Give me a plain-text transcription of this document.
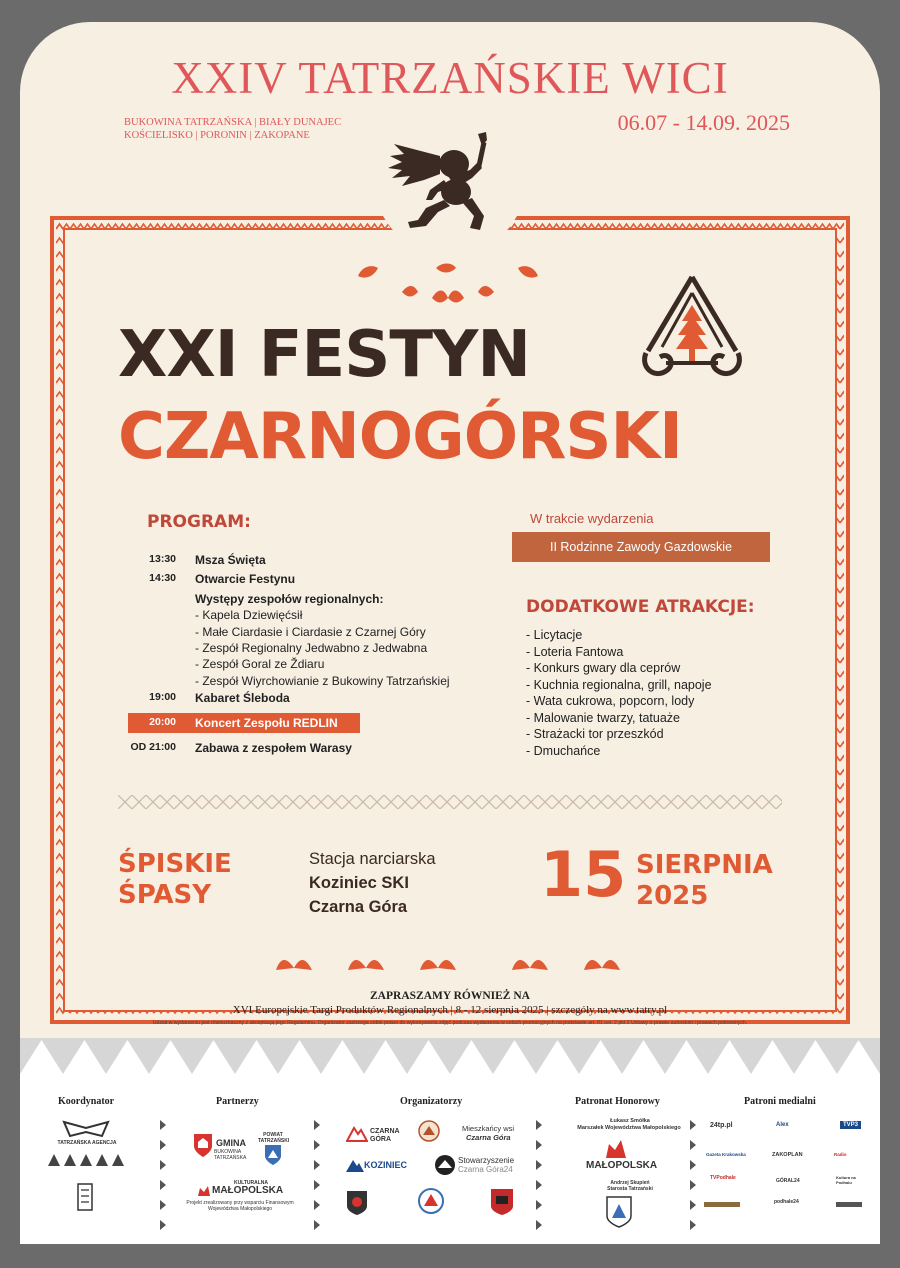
XXIV TATRZAŃSKIE WICI
BUKOWINA TATRZAŃSKA | BIAŁY DUNAJEC
KOŚCIELISKO | PORONIN | ZAKOPANE
06.07 - 14.09. 2025
XXI FESTYN
CZARNOGÓRSKI
PROGRAM:
13:30 Msza Święta
14:30 Otwarcie Festynu
Występy zespołów regionalnych:
- Kapela Dziewięćsił
- Małe Ciardasie i Ciardasie z Czarnej Góry
- Zespół Regionalny Jedwabno z Jedwabna
- Zespół Goral ze Ždiaru
- Zespół Wiyrchowianie z Bukowiny Tatrzańskiej
19:00 Kabaret Śleboda
20:00 Koncert Zespołu REDLIN
OD 21:00 Zabawa z zespołem Warasy
W trakcie wydarzenia
II Rodzinne Zawody Gazdowskie
DODATKOWE ATRAKCJE:
- Licytacje
- Loteria Fantowa
- Konkurs gwary dla ceprów
- Kuchnia regionalna, grill, napoje
- Wata cukrowa, popcorn, lody
- Malowanie twarzy, tatuaże
- Strażacki tor przeszkód
- Dmuchańce
ŚPISKIE
ŚPASY
Stacja narciarska
Koziniec SKI
Czarna Góra	15 SIERPNIA
2025
ZAPRASZAMY RÓWNIEŻ NA
XVI Europejskie Targi Produktów Regionalnych | 8 - 12 sierpnia 2025 | szczegóły na www.tatry.pl
Udział w wydarzeniu jest równoznaczny z akceptacją jego Regulaminu. Organizator zastrzega sobie prawo do wykonywania zdjęć podczas wydarzenia w celach promocyjnych na podstawie art. 81 ust. 2 pkt 2 Ustawy o prawie autorskim i prawach pokrewnych.
Koordynator	Partnerzy	Organizatorzy	Patronat Honorowy	Patroni medialni
TATRZAŃSKA AGENCJA	GMINA
BUKOWINA TATRZAŃSKA
POWIAT TATRZAŃSKI
KULTURALNA
MAŁOPOLSKA
Projekt zrealizowany przy wsparciu Finansowym Województwa Małopolskiego
CZARNA GÓRA
Mieszkańcy wsi
Czarna Góra
KOZINIEC	Stowarzyszenie
Czarna Góra24
Łukasz Smółka
Marszałek Województwa Małopolskiego
MAŁOPOLSKA
Andrzej Skupień
Starosta Tatrzański
24tp.pl	Alex	TVP3
Gazeta Krakowska	ZAKOPLAN	Radio
TVPodhale	GÓRAL24
Kultura na Podhalu
podhale24
